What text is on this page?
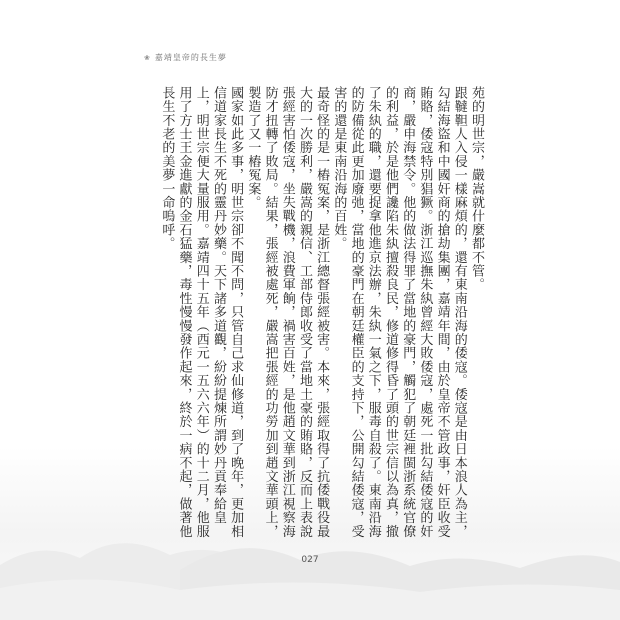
❀ 嘉靖皇帝的長生夢

苑的明世宗，嚴嵩就什麼都不管。

跟韃靼人入侵一樣麻煩的，還有東南沿海的倭寇。倭寇是由日本浪人為主，勾結海盜和中國奸商的搶劫集團，嘉靖年間，由於皇帝不管政事，奸臣收受賄賂，倭寇特別猖獗。浙江巡撫朱紈曾經大敗倭寇，處死一批勾結倭寇的奸商，嚴申海禁令。他的做法得罪了當地的豪門，觸犯了朝廷裡閩浙系統官僚的利益，於是他們讒陷朱紈擅殺良民，修道修得昏了頭的世宗信以為真，撤了朱紈的職，還要捉拿他進京法辦，朱紈一氣之下，服毒自殺了。東南沿海的防備從此更加廢弛，當地的豪門在朝廷權臣的支持下，公開勾結倭寇，受害的還是東南沿海的百姓。

最奇怪的是一樁冤案，是浙江總督張經被害。本來，張經取得了抗倭戰役最大的一次勝利，嚴嵩的親信、工部侍郎收受了當地土豪的賄賂，反而上表說張經害怕倭寇，坐失戰機，浪費軍餉，禍害百姓，是他趙文華到浙江視察海防才扭轉了敗局。結果，張經被處死，嚴嵩把張經的功勞加到趙文華頭上，製造了又一樁冤案。

國家如此多事，明世宗卻不聞不問，只管自己求仙修道，到了晚年，更加相信道家長生不死的靈丹妙藥。天下諸多道觀，紛紛提煉所謂妙丹貢奉給皇上，明世宗便大量服用。嘉靖四十五年（西元一五六六年）的十二月，他服用了方士王金進獻的金石猛藥，毒性慢慢發作起來，終於一病不起，做著他長生不老的美夢一命嗚呼。

027
